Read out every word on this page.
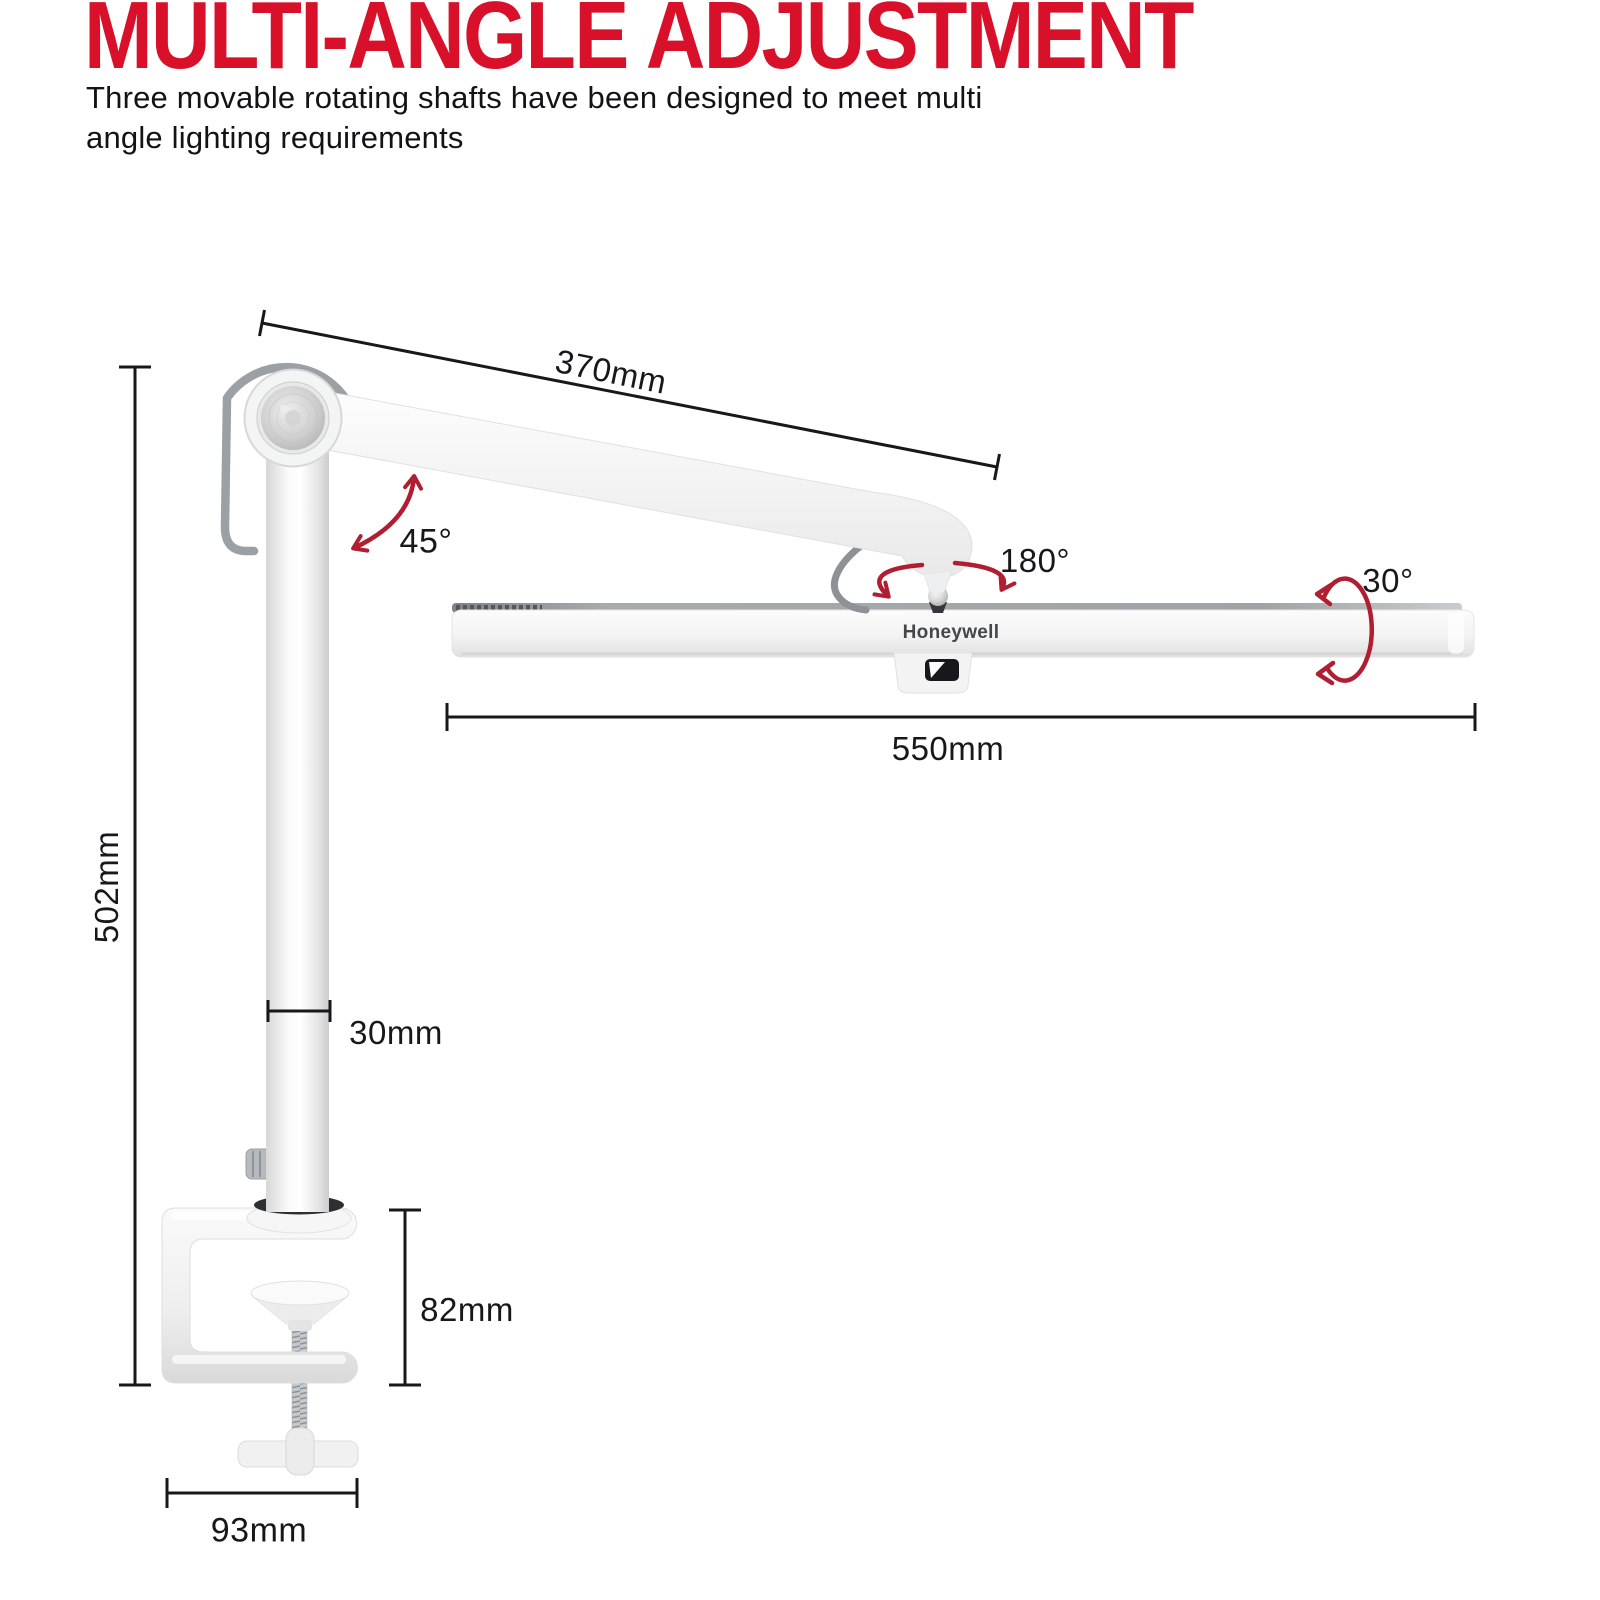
MULTI-ANGLE ADJUSTMENT

Three movable rotating shafts have been designed to meet multi
angle lighting requirements

370mm
45°	180°
30°
550mm
502mm
30mm
82mm
93mm
Honeywell
